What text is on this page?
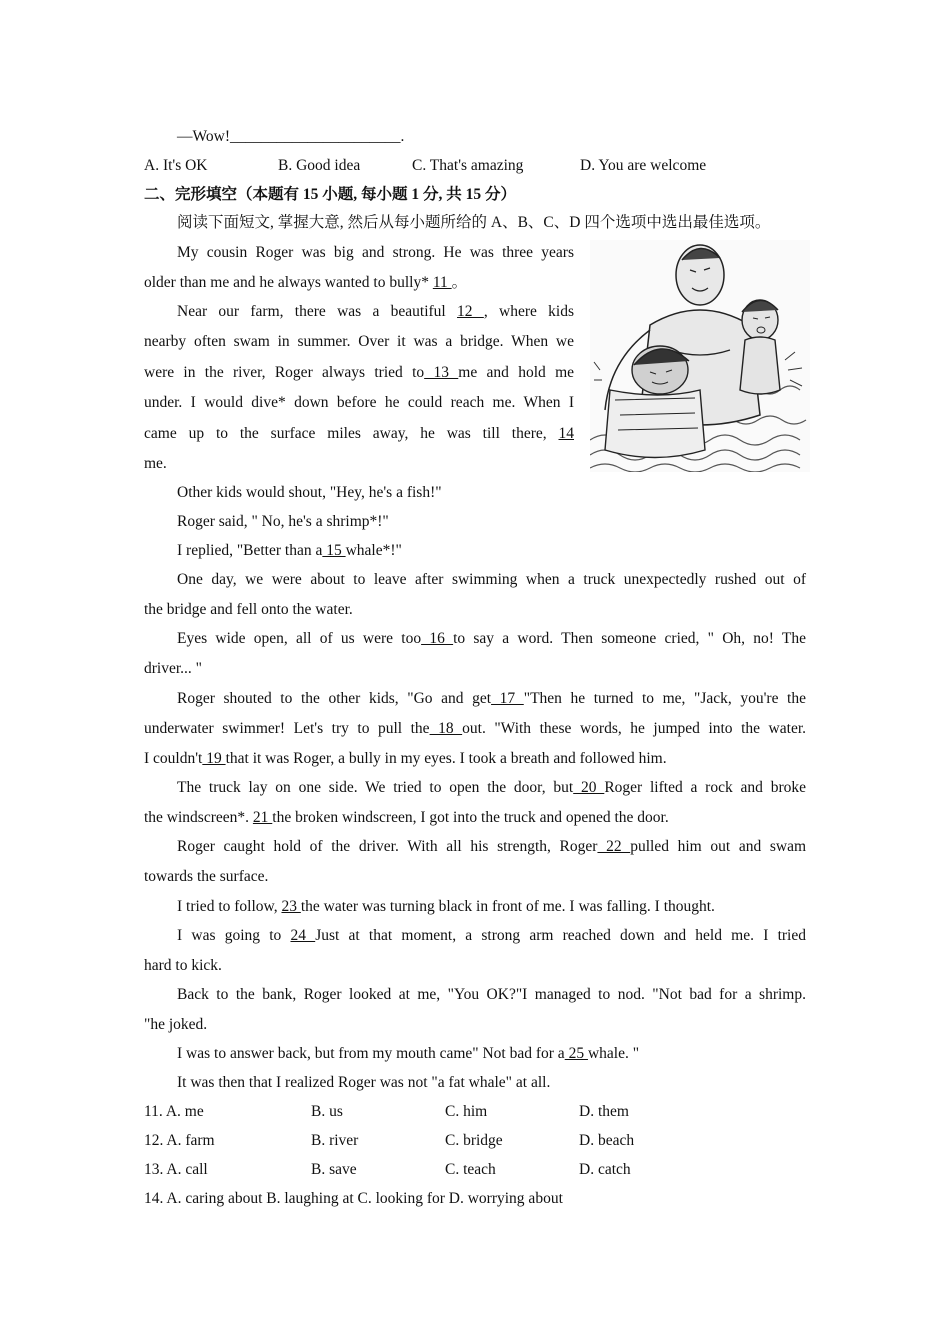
—Wow!______________________.
A. It's OK	B. Good idea	C. That's amazing	D. You are welcome
二、完形填空（本题有 15 小题, 每小题 1 分, 共 15 分）
阅读下面短文, 掌握大意, 然后从每小题所给的 A、B、C、D 四个选项中选出最佳选项。
My cousin Roger was big and strong. He was three years
older than me and he always wanted to bully* 11 。
Near our farm, there was a beautiful 12 , where kids
nearby often swam in summer. Over it was a bridge. When we
were in the river, Roger always tried to 13 me and hold me
under. I would dive* down before he could reach me. When I
came up to the surface miles away, he was till there, 14
me.
Other kids would shout, "Hey, he's a fish!"
Roger said, " No, he's a shrimp*!"
I replied, "Better than a 15 whale*!"
One day, we were about to leave after swimming when a truck unexpectedly rushed out of
the bridge and fell onto the water.
Eyes wide open, all of us were too 16 to say a word. Then someone cried, " Oh, no! The
driver... "
Roger shouted to the other kids, "Go and get 17 "Then he turned to me, "Jack, you're the
underwater swimmer! Let's try to pull the 18 out. "With these words, he jumped into the water.
I couldn't 19 that it was Roger, a bully in my eyes. I took a breath and followed him.
The truck lay on one side. We tried to open the door, but 20 Roger lifted a rock and broke
the windscreen*. 21 the broken windscreen, I got into the truck and opened the door.
Roger caught hold of the driver. With all his strength, Roger 22 pulled him out and swam
towards the surface.
I tried to follow, 23 the water was turning black in front of me. I was falling. I thought.
I was going to 24 Just at that moment, a strong arm reached down and held me. I tried
hard to kick.
Back to the bank, Roger looked at me, "You OK?"I managed to nod. "Not bad for a shrimp.
"he joked.
I was to answer back, but from my mouth came" Not bad for a 25 whale. "
It was then that I realized Roger was not "a fat whale" at all.
11. A. me	B. us	C. him	D. them
12. A. farm	B. river	C. bridge	D. beach
13. A. call	B. save	C. teach	D. catch
14. A. caring about B. laughing at C. looking for D. worrying about
